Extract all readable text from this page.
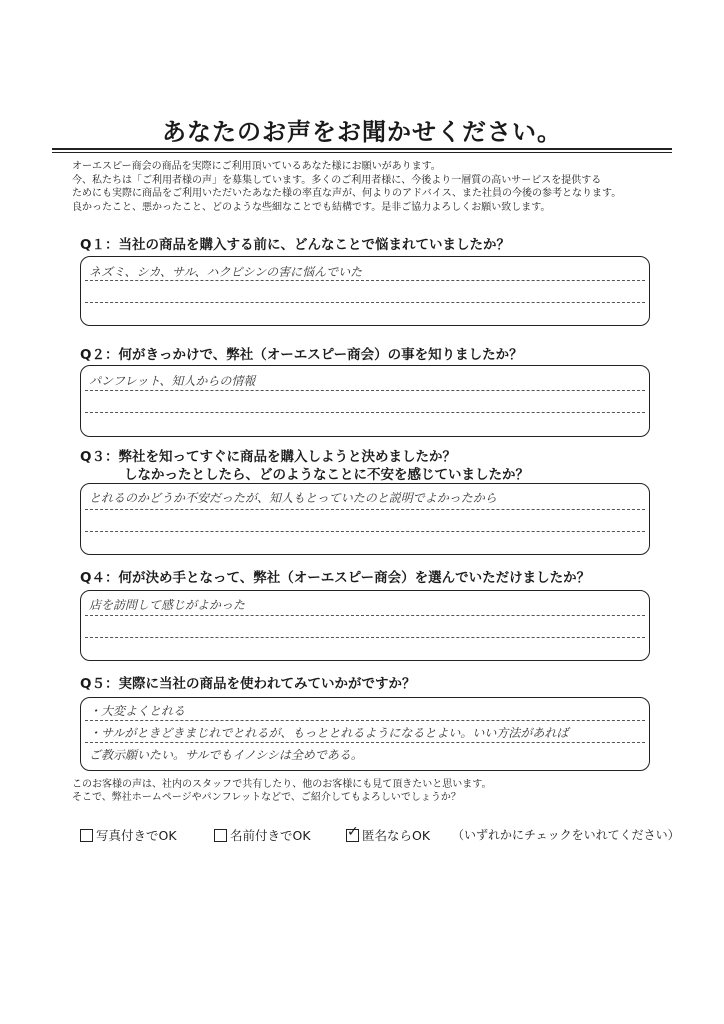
あなたのお声をお聞かせください。
オーエスピー商会の商品を実際にご利用頂いているあなた様にお願いがあります。
今、私たちは「ご利用者様の声」を募集しています。多くのご利用者様に、今後より一層質の高いサービスを提供する
ためにも実際に商品をご利用いただいたあなた様の率直な声が、何よりのアドバイス、また社員の今後の参考となります。
良かったこと、悪かったこと、どのような些細なことでも結構です。是非ご協力よろしくお願い致します。
Q１：当社の商品を購入する前に、どんなことで悩まれていましたか？
ネズミ、シカ、サル、ハクビシンの害に悩んでいた
Q２：何がきっかけで、弊社（オーエスピー商会）の事を知りましたか？
パンフレット、知人からの情報
Q３：弊社を知ってすぐに商品を購入しようと決めましたか？
しなかったとしたら、どのようなことに不安を感じていましたか？
とれるのかどうか不安だったが、知人もとっていたのと説明でよかったから
Q４：何が決め手となって、弊社（オーエスピー商会）を選んでいただけましたか？
店を訪問して感じがよかった
Q５：実際に当社の商品を使われてみていかがですか？
・大変よくとれる
・サルがときどきまじれでとれるが、もっととれるようになるとよい。いい方法があれば
ご教示願いたい。サルでもイノシシは全めである。
このお客様の声は、社内のスタッフで共有したり、他のお客様にも見て頂きたいと思います。
そこで、弊社ホームページやパンフレットなどで、ご紹介してもよろしいでしょうか？
写真付きでOK	名前付きでOK	✓ 匿名ならOK （いずれかにチェックをいれてください）
